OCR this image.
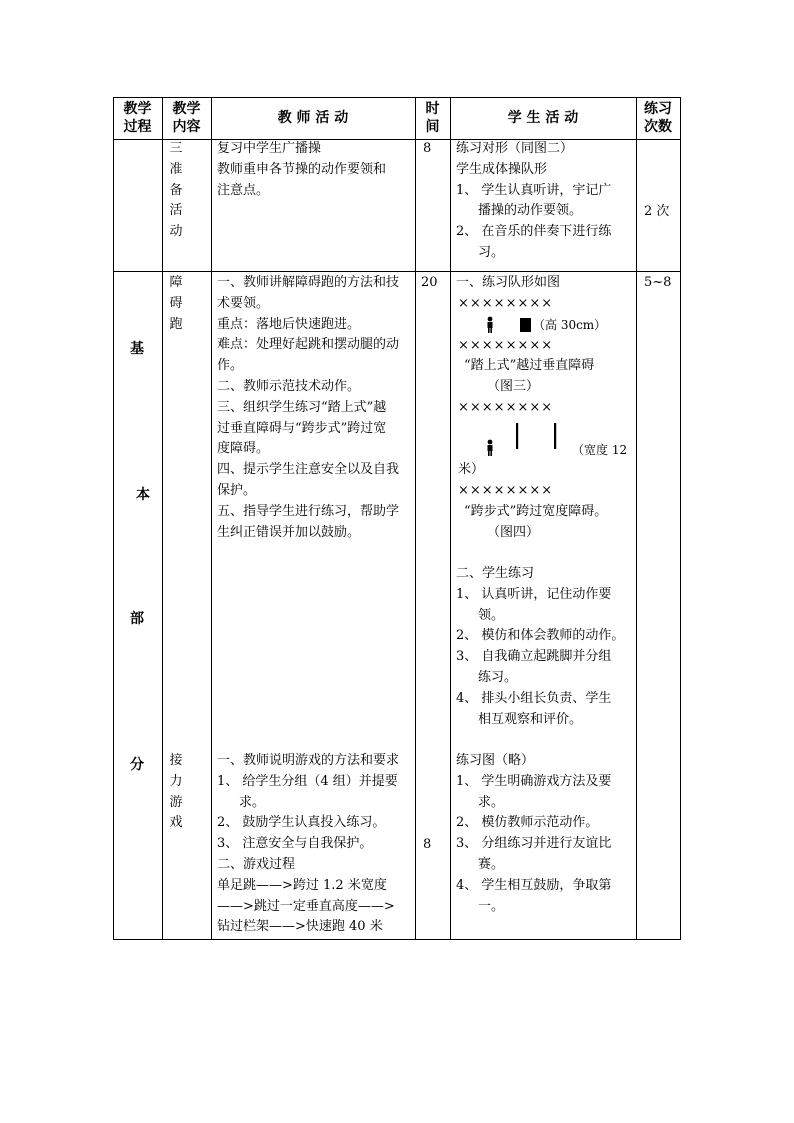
教学
过程
教学
内容
教 师 活 动
时
间
学 生 活 动
练习
次数
三
准
备
活
动
复习中学生广播操
教师重申各节操的动作要领和
注意点。
8 练习对形（同图二）
学生成体操队形
1、 学生认真听讲，宇记广
播操的动作要领。
2、 在音乐的伴奏下进行练
习。
2 次
基
本
部
分
障
碍
跑
接
力
游
戏
一、教师讲解障碍跑的方法和技
术要领。
重点：落地后快速跑进。
难点：处理好起跳和摆动腿的动
作。
二、教师示范技术动作。
三、组织学生练习“踏上式”越
过垂直障碍与“跨步式”跨过宽
度障碍。
四、提示学生注意安全以及自我
保护。
五、指导学生进行练习，帮助学
生纠正错误并加以鼓励。
一、教师说明游戏的方法和要求
1、 给学生分组（4 组）并提要
求。
2、 鼓励学生认真投入练习。
3、 注意安全与自我保护。
二、游戏过程
单足跳——>跨过 1.2 米宽度
——>跳过一定垂直高度——>
钻过栏架——>快速跑 40 米
20
8
5~8
一、练习队形如图
××××××××
（高 30cm）
××××××××
“踏上式”越过垂直障碍
（图三）
××××××××
（宽度 12
米）
××××××××
“跨步式”跨过宽度障碍。
（图四）
二、学生练习
1、 认真听讲，记住动作要
领。
2、 模仿和体会教师的动作。
3、 自我确立起跳脚并分组
练习。
4、 排头小组长负责、学生
相互观察和评价。
练习图（略）
1、 学生明确游戏方法及要
求。
2、 模仿教师示范动作。
3、 分组练习并进行友谊比
赛。
4、 学生相互鼓励，争取第
一。
